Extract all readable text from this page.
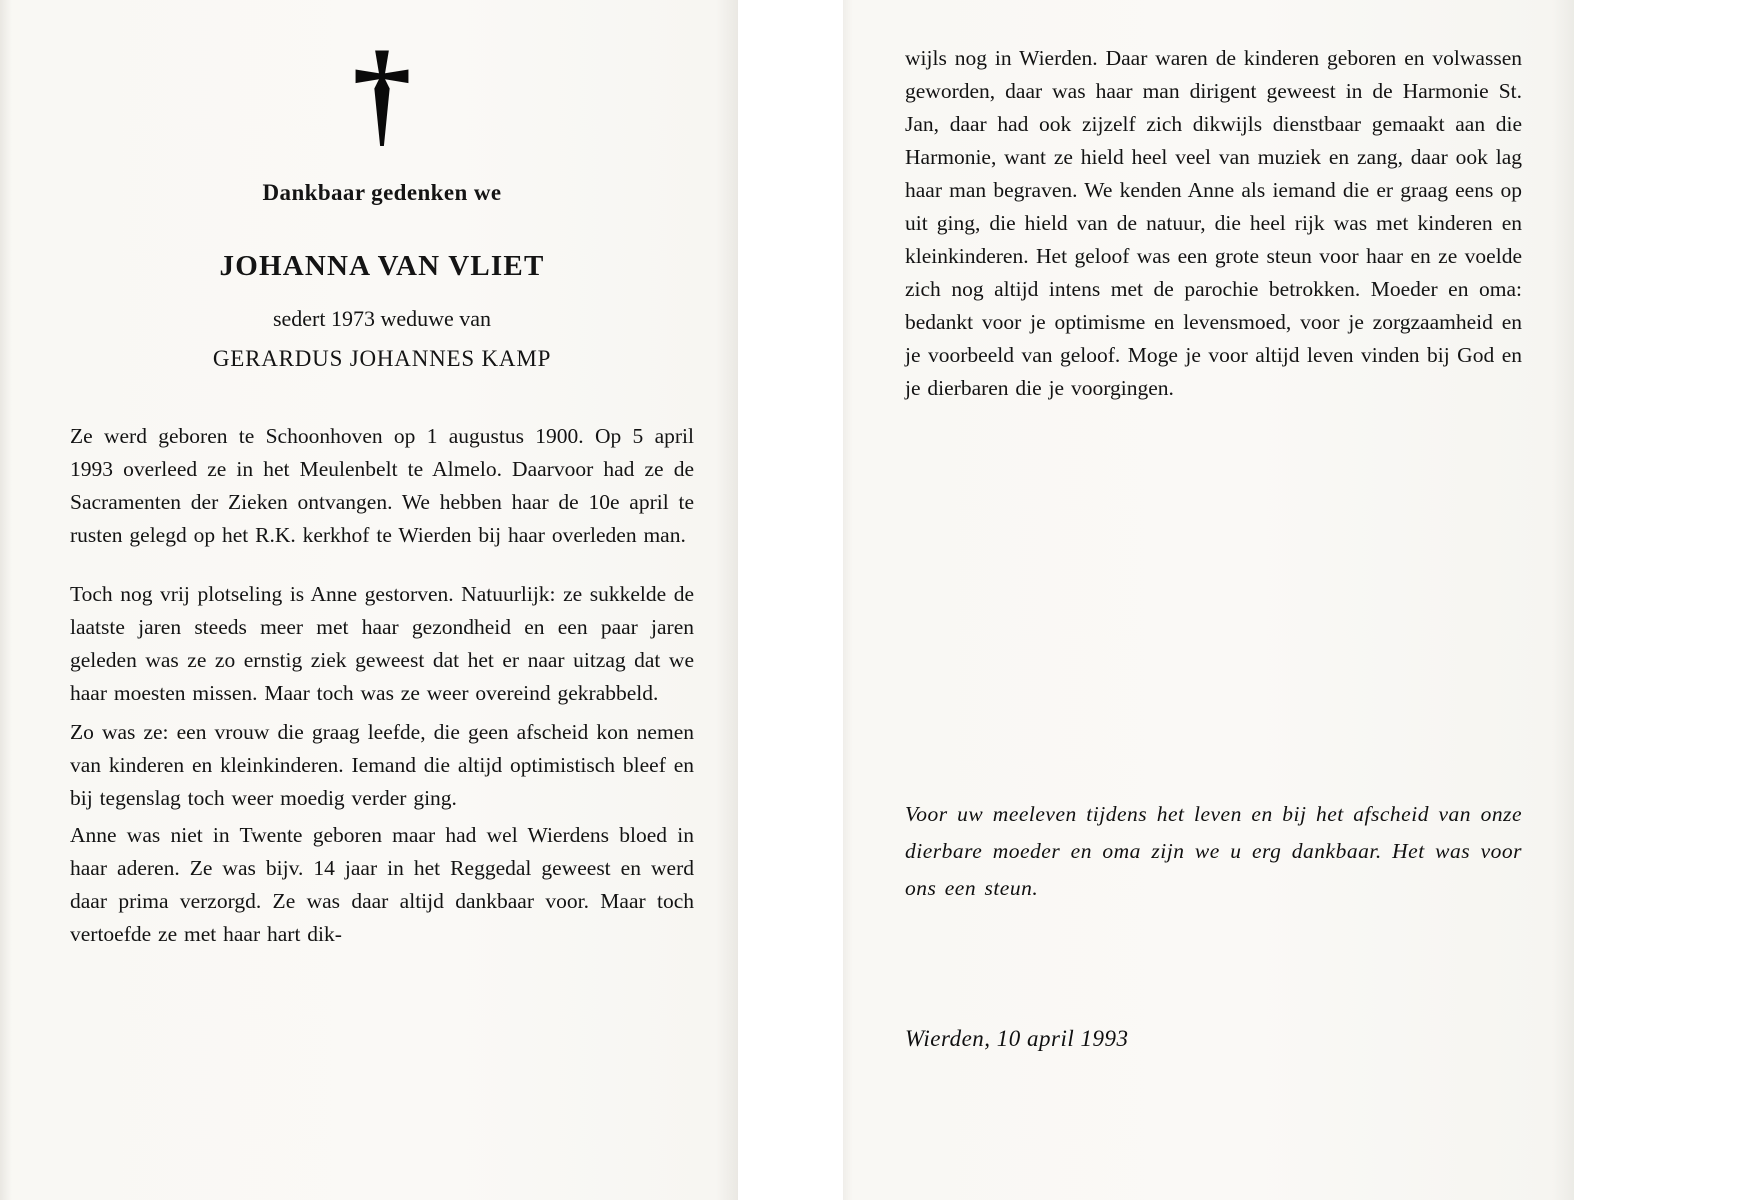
†
Dankbaar gedenken we
JOHANNA VAN VLIET
sedert 1973 weduwe van
GERARDUS JOHANNES KAMP

Ze werd geboren te Schoonhoven op 1 augustus 1900. Op 5 april 1993 overleed ze in het Meulenbelt te Almelo. Daarvoor had ze de Sacramenten der Zieken ontvangen. We hebben haar de 10e april te rusten gelegd op het R.K. kerkhof te Wierden bij haar overleden man.

Toch nog vrij plotseling is Anne gestorven. Natuurlijk: ze sukkelde de laatste jaren steeds meer met haar gezondheid en een paar jaren geleden was ze zo ernstig ziek geweest dat het er naar uitzag dat we haar moesten missen. Maar toch was ze weer overeind gekrabbeld.

Zo was ze: een vrouw die graag leefde, die geen afscheid kon nemen van kinderen en kleinkinderen. Iemand die altijd optimistisch bleef en bij tegenslag toch weer moedig verder ging.

Anne was niet in Twente geboren maar had wel Wierdens bloed in haar aderen. Ze was bijv. 14 jaar in het Reggedal geweest en werd daar prima verzorgd. Ze was daar altijd dankbaar voor. Maar toch vertoefde ze met haar hart dik-

wijls nog in Wierden. Daar waren de kinderen geboren en volwassen geworden, daar was haar man dirigent geweest in de Harmonie St. Jan, daar had ook zijzelf zich dikwijls dienstbaar gemaakt aan die Harmonie, want ze hield heel veel van muziek en zang, daar ook lag haar man begraven. We kenden Anne als iemand die er graag eens op uit ging, die hield van de natuur, die heel rijk was met kinderen en kleinkinderen. Het geloof was een grote steun voor haar en ze voelde zich nog altijd intens met de parochie betrokken. Moeder en oma: bedankt voor je optimisme en levensmoed, voor je zorgzaamheid en je voorbeeld van geloof. Moge je voor altijd leven vinden bij God en je dierbaren die je voorgingen.

Voor uw meeleven tijdens het leven en bij het afscheid van onze dierbare moeder en oma zijn we u erg dankbaar. Het was voor ons een steun.

Wierden, 10 april 1993
